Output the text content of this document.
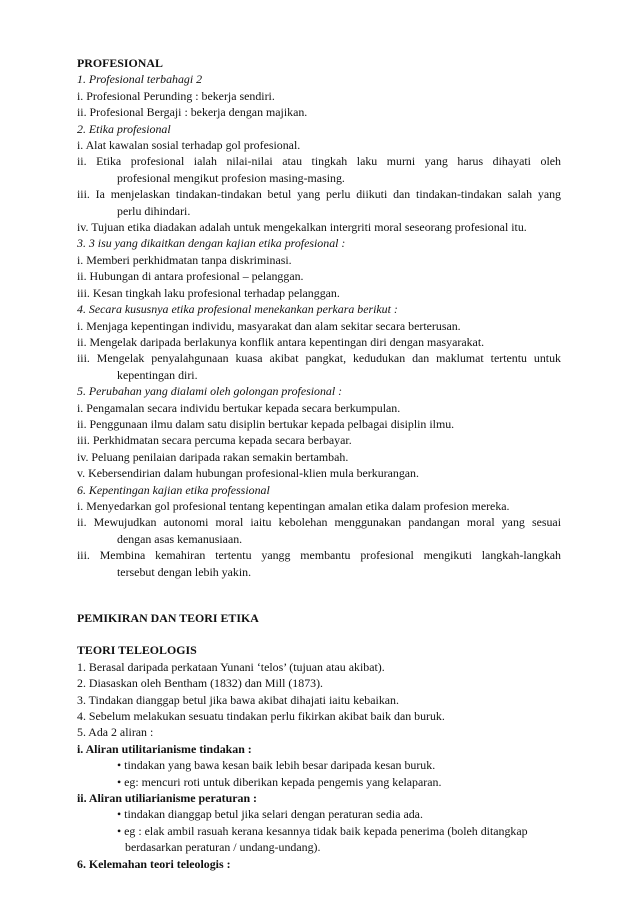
PROFESIONAL
1. Profesional terbahagi 2
i. Profesional Perunding : bekerja sendiri.
ii. Profesional Bergaji : bekerja dengan majikan.
2. Etika profesional
i. Alat kawalan sosial terhadap gol profesional.
ii. Etika profesional ialah nilai-nilai atau tingkah laku murni yang harus dihayati oleh
profesional mengikut profesion masing-masing.
iii. Ia menjelaskan tindakan-tindakan betul yang perlu diikuti dan tindakan-tindakan salah yang
perlu dihindari.
iv. Tujuan etika diadakan adalah untuk mengekalkan intergriti moral seseorang profesional itu.
3. 3 isu yang dikaitkan dengan kajian etika profesional :
i. Memberi perkhidmatan tanpa diskriminasi.
ii. Hubungan di antara profesional – pelanggan.
iii. Kesan tingkah laku profesional terhadap pelanggan.
4. Secara kususnya etika profesional menekankan perkara berikut :
i. Menjaga kepentingan individu, masyarakat dan alam sekitar secara berterusan.
ii. Mengelak daripada berlakunya konflik antara kepentingan diri dengan masyarakat.
iii. Mengelak penyalahgunaan kuasa akibat pangkat, kedudukan dan maklumat tertentu untuk
kepentingan diri.
5. Perubahan yang dialami oleh golongan profesional :
i. Pengamalan secara individu bertukar kepada secara berkumpulan.
ii. Penggunaan ilmu dalam satu disiplin bertukar kepada pelbagai disiplin ilmu.
iii. Perkhidmatan secara percuma kepada secara berbayar.
iv. Peluang penilaian daripada rakan semakin bertambah.
v. Kebersendirian dalam hubungan profesional-klien mula berkurangan.
6. Kepentingan kajian etika professional
i. Menyedarkan gol profesional tentang kepentingan amalan etika dalam profesion mereka.
ii. Mewujudkan autonomi moral iaitu kebolehan menggunakan pandangan moral yang sesuai
dengan asas kemanusiaan.
iii. Membina kemahiran tertentu yangg membantu profesional mengikuti langkah-langkah
tersebut dengan lebih yakin.
PEMIKIRAN DAN TEORI ETIKA
TEORI TELEOLOGIS
1. Berasal daripada perkataan Yunani ‘telos’ (tujuan atau akibat).
2. Diasaskan oleh Bentham (1832) dan Mill (1873).
3. Tindakan dianggap betul jika bawa akibat dihajati iaitu kebaikan.
4. Sebelum melakukan sesuatu tindakan perlu fikirkan akibat baik dan buruk.
5. Ada 2 aliran :
i. Aliran utilitarianisme tindakan :
• tindakan yang bawa kesan baik lebih besar daripada kesan buruk.
• eg: mencuri roti untuk diberikan kepada pengemis yang kelaparan.
ii. Aliran utiliarianisme peraturan :
• tindakan dianggap betul jika selari dengan peraturan sedia ada.
• eg : elak ambil rasuah kerana kesannya tidak baik kepada penerima (boleh ditangkap
berdasarkan peraturan / undang-undang).
6. Kelemahan teori teleologis :
